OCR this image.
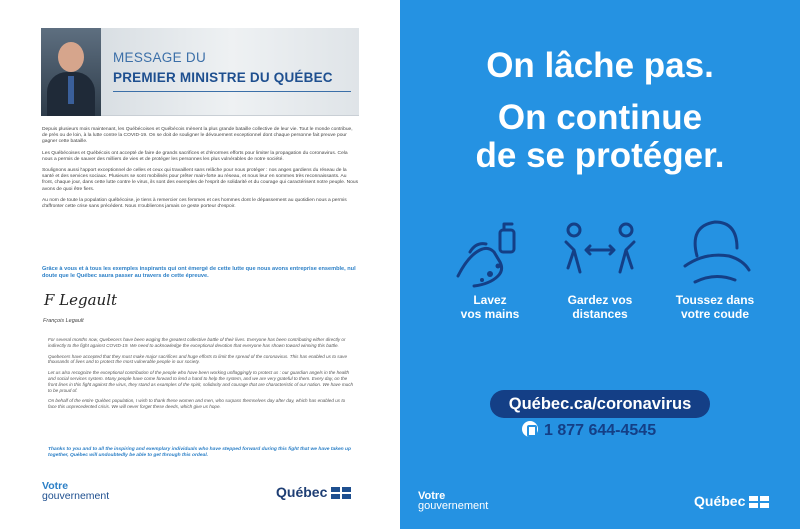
MESSAGE DU
PREMIER MINISTRE DU QUÉBEC

Depuis plusieurs mois maintenant, les Québécoises et Québécois mènent la plus grande bataille collective de leur vie. Tout le monde contribue, de près ou de loin, à la lutte contre la COVID-19. On se doit de souligner le dévouement exceptionnel dont chaque personne fait preuve pour gagner cette bataille.

Les Québécoises et Québécois ont accepté de faire de grands sacrifices et d'énormes efforts pour limiter la propagation du coronavirus. Cela nous a permis de sauver des milliers de vies et de protéger les personnes les plus vulnérables de notre société.

Soulignons aussi l'apport exceptionnel de celles et ceux qui travaillent sans relâche pour nous protéger : nos anges gardiens du réseau de la santé et des services sociaux. Plusieurs se sont mobilisés pour prêter main-forte au réseau, et nous leur en sommes très reconnaissants. Au front, chaque jour, dans cette lutte contre le virus, ils sont des exemples de l'esprit de solidarité et du courage qui caractérisent notre peuple. Nous avons de quoi être fiers.

Au nom de toute la population québécoise, je tiens à remercier ces femmes et ces hommes dont le dépassement au quotidien nous a permis d'affronter cette crise sans précédent. Nous n'oublierons jamais ce geste porteur d'espoir.

Grâce à vous et à tous les exemples inspirants qui ont émergé de cette lutte que nous avons entreprise ensemble, nul doute que le Québec saura passer au travers de cette épreuve.
F Legault
François Legault

For several months now, Quebecers have been waging the greatest collective battle of their lives. Everyone has been contributing either directly or indirectly to the fight against COVID-19. We need to acknowledge the exceptional devotion that everyone has shown toward winning this battle.

Quebecers have accepted that they must make major sacrifices and huge efforts to limit the spread of the coronavirus. This has enabled us to save thousands of lives and to protect the most vulnerable people in our society.

Let us also recognize the exceptional contribution of the people who have been working unflaggingly to protect us : our guardian angels in the health and social services system. Many people have come forward to lend a hand to help the system, and we are very grateful to them. Every day, on the front lines in this fight against the virus, they stand as examples of the spirit, solidarity and courage that are characteristic of our nation. We have much to be proud of.

On behalf of the entire Québec population, I wish to thank these women and men, who surpass themselves day after day, which has enabled us to face this unprecedented crisis. We will never forget these deeds, which give us hope.

Thanks to you and to all the inspiring and exemplary individuals who have stepped forward during this fight that we have taken up together, Québec will undoubtedly be able to get through this ordeal.
Votre
gouvernement	Québec
On lâche pas.
On continue
de se protéger.
Lavez
vos mains
Gardez vos
distances
Toussez dans
votre coude
Québec.ca/coronavirus
1 877 644-4545
Votre
gouvernement	Québec
